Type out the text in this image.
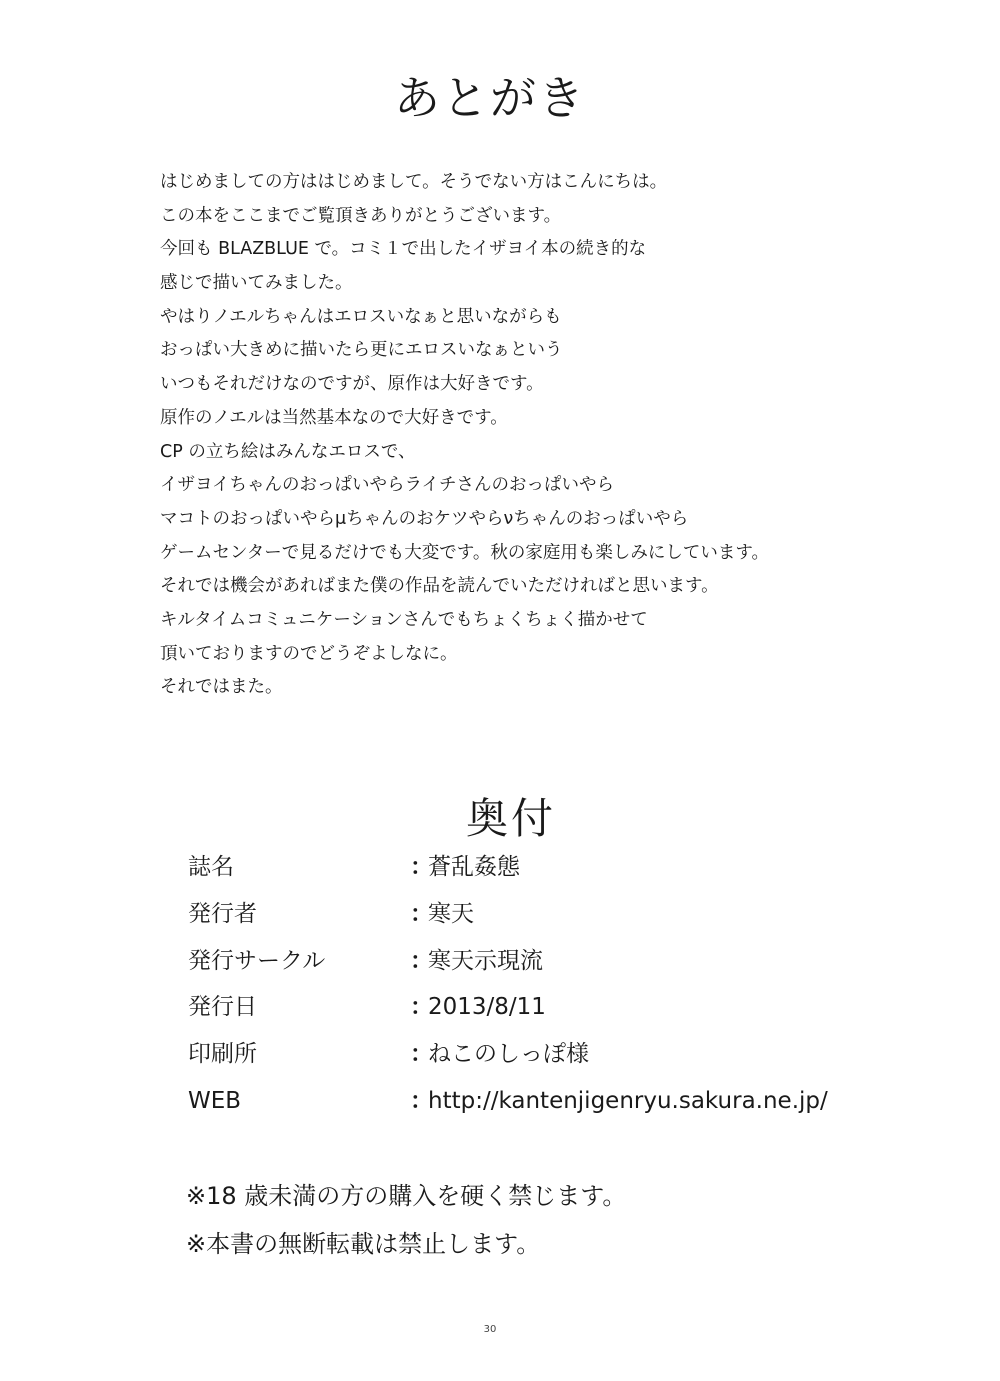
あとがき
はじめましての方ははじめまして。そうでない方はこんにちは。
この本をここまでご覧頂きありがとうございます。
今回も BLAZBLUE で。コミ１で出したイザヨイ本の続き的な
感じで描いてみました。
やはりノエルちゃんはエロスいなぁと思いながらも
おっぱい大きめに描いたら更にエロスいなぁという
いつもそれだけなのですが、原作は大好きです。
原作のノエルは当然基本なので大好きです。
CP の立ち絵はみんなエロスで、
イザヨイちゃんのおっぱいやらライチさんのおっぱいやら
マコトのおっぱいやらμちゃんのおケツやらνちゃんのおっぱいやら
ゲームセンターで見るだけでも大変です。秋の家庭用も楽しみにしています。
それでは機会があればまた僕の作品を読んでいただければと思います。
キルタイムコミュニケーションさんでもちょくちょく描かせて
頂いておりますのでどうぞよしなに。
それではまた。
奥付
誌名	：蒼乱姦態
発行者	：寒天
発行サークル	：寒天示現流
発行日	：2013/8/11
印刷所	：ねこのしっぽ様
WEB	：http://kantenjigenryu.sakura.ne.jp/
※18 歳未満の方の購入を硬く禁じます。
※本書の無断転載は禁止します。
30
